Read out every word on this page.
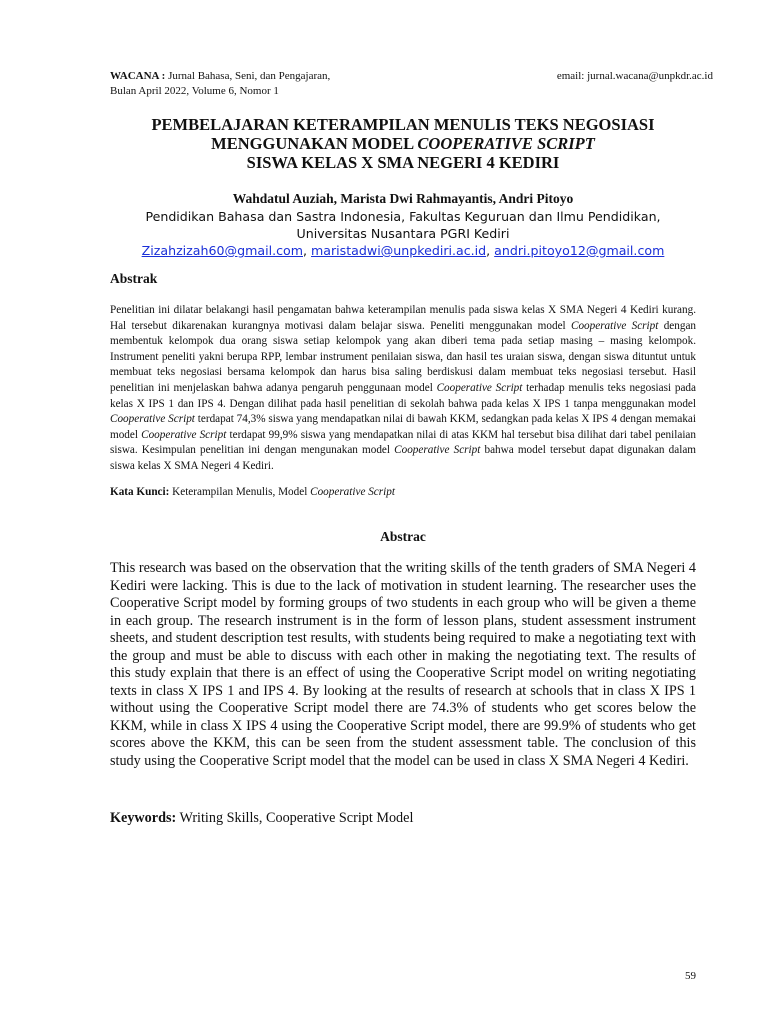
WACANA : Jurnal Bahasa, Seni, dan Pengajaran,
Bulan April 2022, Volume 6, Nomor 1
email: jurnal.wacana@unpkdr.ac.id
PEMBELAJARAN KETERAMPILAN MENULIS TEKS NEGOSIASI
MENGGUNAKAN MODEL COOPERATIVE SCRIPT
SISWA KELAS X SMA NEGERI 4 KEDIRI
Wahdatul Auziah, Marista Dwi Rahmayantis, Andri Pitoyo
Pendidikan Bahasa dan Sastra Indonesia, Fakultas Keguruan dan Ilmu Pendidikan,
Universitas Nusantara PGRI Kediri
Zizahzizah60@gmail.com, maristadwi@unpkediri.ac.id, andri.pitoyo12@gmail.com
Abstrak
Penelitian ini dilatar belakangi hasil pengamatan bahwa keterampilan menulis pada siswa kelas X SMA Negeri 4 Kediri kurang. Hal tersebut dikarenakan kurangnya motivasi dalam belajar siswa. Peneliti menggunakan model Cooperative Script dengan membentuk kelompok dua orang siswa setiap kelompok yang akan diberi tema pada setiap masing – masing kelompok. Instrument peneliti yakni berupa RPP, lembar instrument penilaian siswa, dan hasil tes uraian siswa, dengan siswa dituntut untuk membuat teks negosiasi bersama kelompok dan harus bisa saling berdiskusi dalam membuat teks negosiasi tersebut. Hasil penelitian ini menjelaskan bahwa adanya pengaruh penggunaan model Cooperative Script terhadap menulis teks negosiasi pada kelas X IPS 1 dan IPS 4. Dengan dilihat pada hasil penelitian di sekolah bahwa pada kelas X IPS 1 tanpa menggunakan model Cooperative Script terdapat 74,3% siswa yang mendapatkan nilai di bawah KKM, sedangkan pada kelas X IPS 4 dengan memakai model Cooperative Script terdapat 99,9% siswa yang mendapatkan nilai di atas KKM hal tersebut bisa dilihat dari tabel penilaian siswa. Kesimpulan penelitian ini dengan mengunakan model Cooperative Script bahwa model tersebut dapat digunakan dalam siswa kelas X SMA Negeri 4 Kediri.
Kata Kunci: Keterampilan Menulis, Model Cooperative Script
Abstrac
This research was based on the observation that the writing skills of the tenth graders of SMA Negeri 4 Kediri were lacking. This is due to the lack of motivation in student learning. The researcher uses the Cooperative Script model by forming groups of two students in each group who will be given a theme in each group. The research instrument is in the form of lesson plans, student assessment instrument sheets, and student description test results, with students being required to make a negotiating text with the group and must be able to discuss with each other in making the negotiating text. The results of this study explain that there is an effect of using the Cooperative Script model on writing negotiating texts in class X IPS 1 and IPS 4. By looking at the results of research at schools that in class X IPS 1 without using the Cooperative Script model there are 74.3% of students who get scores below the KKM, while in class X IPS 4 using the Cooperative Script model, there are 99.9% of students who get scores above the KKM, this can be seen from the student assessment table. The conclusion of this study using the Cooperative Script model that the model can be used in class X SMA Negeri 4 Kediri.
Keywords: Writing Skills, Cooperative Script Model
59
